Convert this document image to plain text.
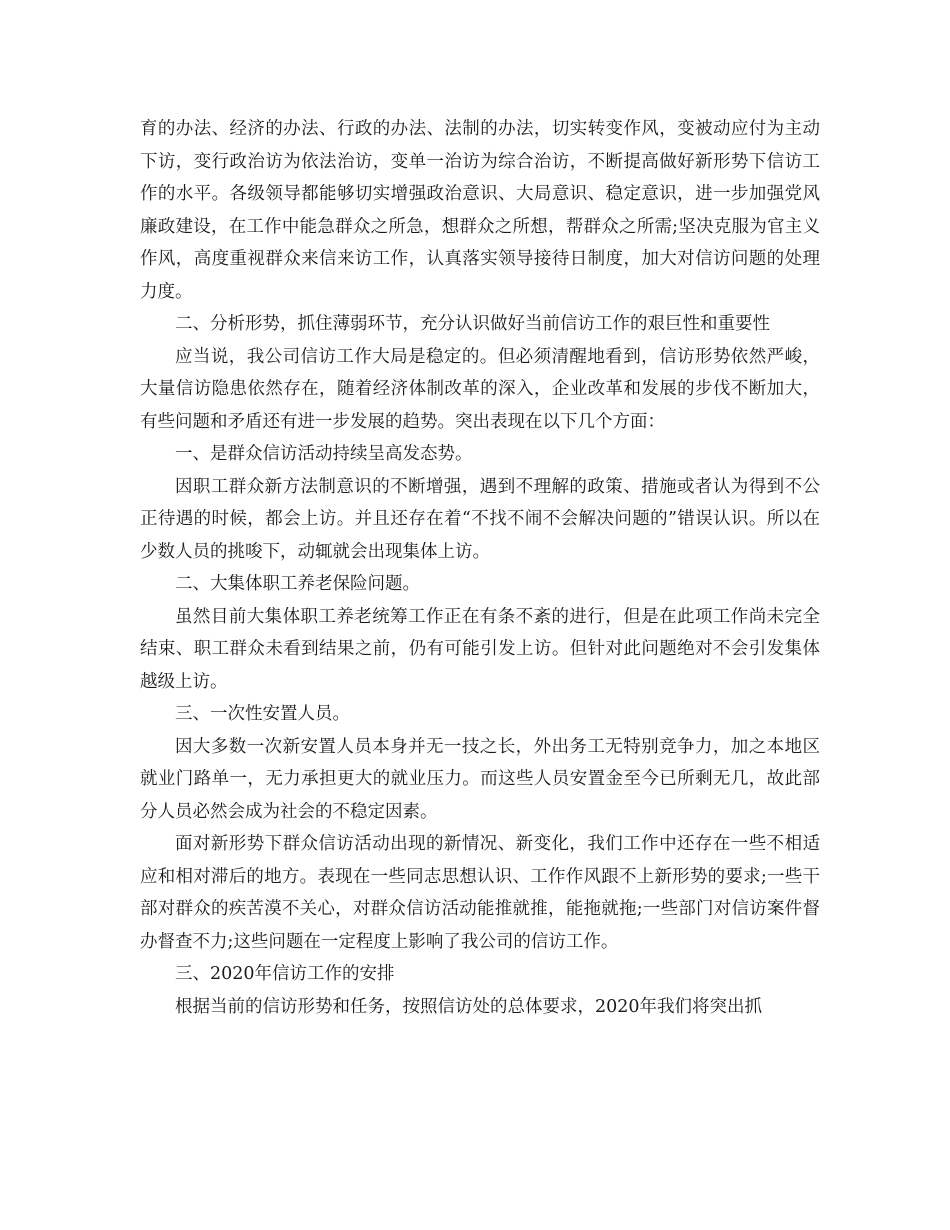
育的办法、经济的办法、行政的办法、法制的办法，切实转变作风，变被动应付为主动下访，变行政治访为依法治访，变单一治访为综合治访，不断提高做好新形势下信访工作的水平。各级领导都能够切实增强政治意识、大局意识、稳定意识，进一步加强党风廉政建设，在工作中能急群众之所急，想群众之所想，帮群众之所需;坚决克服为官主义作风，高度重视群众来信来访工作，认真落实领导接待日制度，加大对信访问题的处理力度。

二、分析形势，抓住薄弱环节，充分认识做好当前信访工作的艰巨性和重要性

应当说，我公司信访工作大局是稳定的。但必须清醒地看到，信访形势依然严峻，大量信访隐患依然存在，随着经济体制改革的深入，企业改革和发展的步伐不断加大，有些问题和矛盾还有进一步发展的趋势。突出表现在以下几个方面：

一、是群众信访活动持续呈高发态势。

因职工群众新方法制意识的不断增强，遇到不理解的政策、措施或者认为得到不公正待遇的时候，都会上访。并且还存在着“不找不闹不会解决问题的”错误认识。所以在少数人员的挑唆下，动辄就会出现集体上访。

二、大集体职工养老保险问题。

虽然目前大集体职工养老统筹工作正在有条不紊的进行，但是在此项工作尚未完全结束、职工群众未看到结果之前，仍有可能引发上访。但针对此问题绝对不会引发集体越级上访。

三、一次性安置人员。

因大多数一次新安置人员本身并无一技之长，外出务工无特别竞争力，加之本地区就业门路单一，无力承担更大的就业压力。而这些人员安置金至今已所剩无几，故此部分人员必然会成为社会的不稳定因素。

面对新形势下群众信访活动出现的新情况、新变化，我们工作中还存在一些不相适应和相对滞后的地方。表现在一些同志思想认识、工作作风跟不上新形势的要求;一些干部对群众的疾苦漠不关心，对群众信访活动能推就推，能拖就拖;一些部门对信访案件督办督查不力;这些问题在一定程度上影响了我公司的信访工作。

三、2020年信访工作的安排

根据当前的信访形势和任务，按照信访处的总体要求，2020年我们将突出抓
